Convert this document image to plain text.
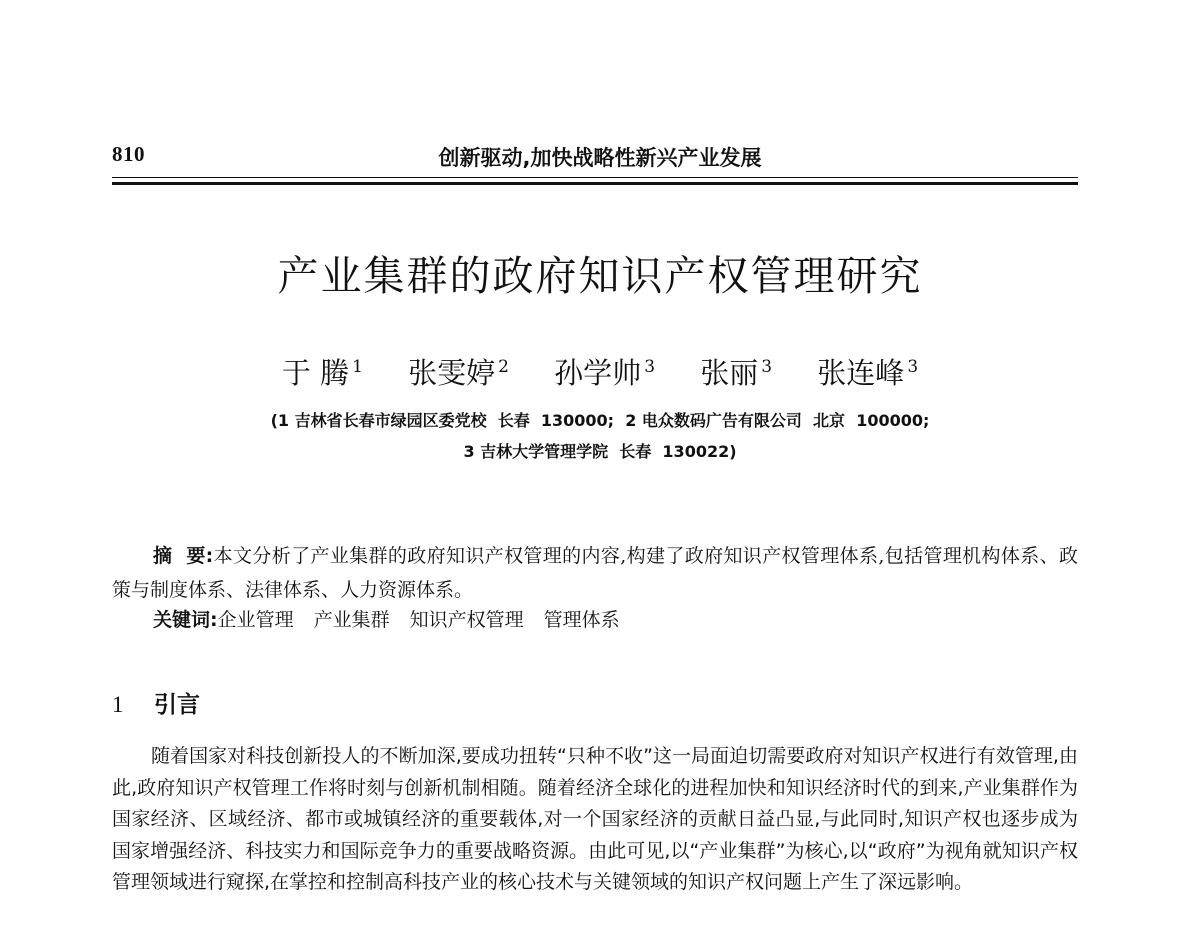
810	创新驱动,加快战略性新兴产业发展
产业集群的政府知识产权管理研究
于 腾 $^1$ 张雯婷 $^2$ 孙学帅 $^3$ 张丽 $^3$ 张连峰 $^3$
(1 吉林省长春市绿园区委党校  长春  130000;  2 电众数码广告有限公司  北京  100000;
3 吉林大学管理学院  长春  130022)
摘  要:本文分析了产业集群的政府知识产权管理的内容,构建了政府知识产权管理体系,包括管理机构体系、政策与制度体系、法律体系、人力资源体系。
关键词:企业管理 产业集群 知识产权管理 管理体系
1 引言
随着国家对科技创新投人的不断加深,要成功扭转“只种不收”这一局面迫切需要政府对知识产权进行有效管理,由此,政府知识产权管理工作将时刻与创新机制相随。随着经济全球化的进程加快和知识经济时代的到来,产业集群作为国家经济、区域经济、都市或城镇经济的重要载体,对一个国家经济的贡献日益凸显,与此同时,知识产权也逐步成为国家增强经济、科技实力和国际竞争力的重要战略资源。由此可见,以“产业集群”为核心,以“政府”为视角就知识产权管理领域进行窥探,在掌控和控制高科技产业的核心技术与关键领域的知识产权问题上产生了深远影响。
